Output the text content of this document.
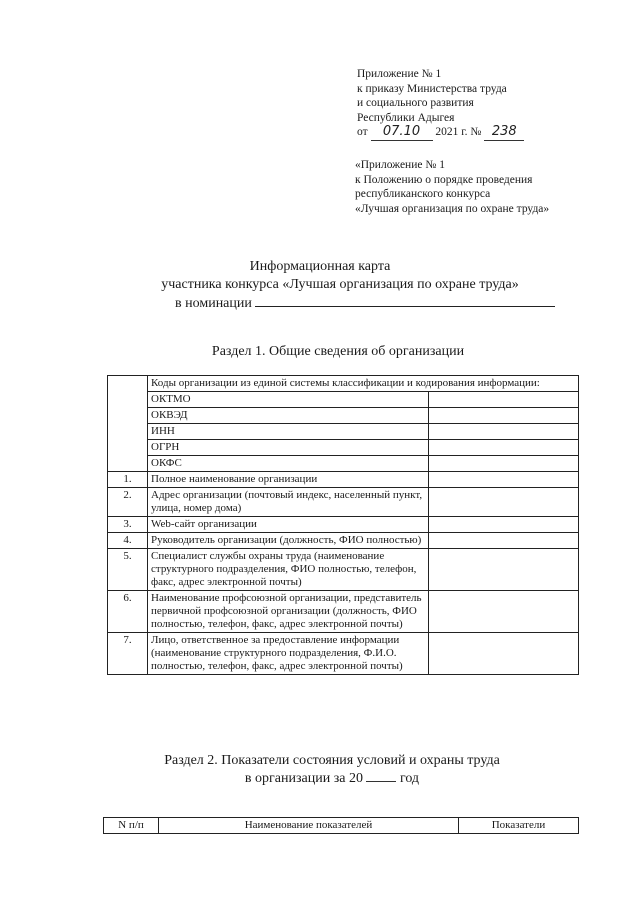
Приложение № 1
к приказу Министерства труда
и социального развития
Республики Адыгея
от 07.10 2021 г. № 238
«Приложение № 1
к Положению о порядке проведения
республиканского конкурса
«Лучшая организация по охране труда»
Информационная карта
участника конкурса «Лучшая организация по охране труда»
в номинации
Раздел 1. Общие сведения об организации
	Коды организации из единой системы классификации и кодирования информации:	
	ОКТМО	
	ОКВЭД	
	ИНН	
	ОГРН	
	ОКФС	
1.	Полное наименование организации	
2.	Адрес организации (почтовый индекс, населенный пункт, улица, номер дома)	
3.	Web-сайт организации	
4.	Руководитель организации (должность, ФИО полностью)	
5.	Специалист службы охраны труда (наименование структурного подразделения, ФИО полностью, телефон, факс, адрес электронной почты)	
6.	Наименование профсоюзной организации, представитель первичной профсоюзной организации (должность, ФИО полностью, телефон, факс, адрес электронной почты)	
7.	Лицо, ответственное за предоставление информации (наименование структурного подразделения, Ф.И.О. полностью, телефон, факс, адрес электронной почты)	
Раздел 2. Показатели состояния условий и охраны труда
в организации за 20	год
N п/п	Наименование показателей	Показатели
